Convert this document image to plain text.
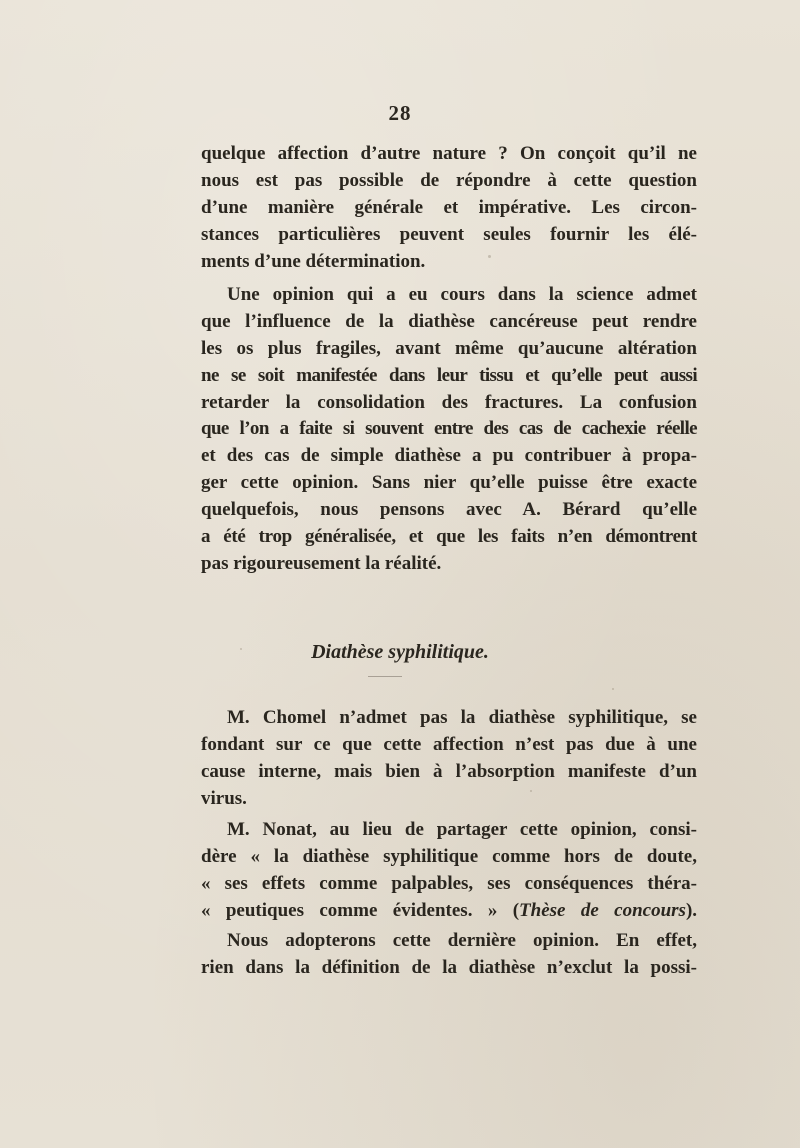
28
quelque affection d’autre nature ? On conçoit qu’il ne
nous est pas possible de répondre à cette question
d’une manière générale et impérative. Les circon-
stances particulières peuvent seules fournir les élé-
ments d’une détermination.
Une opinion qui a eu cours dans la science admet
que l’influence de la diathèse cancéreuse peut rendre
les os plus fragiles, avant même qu’aucune altération
ne se soit manifestée dans leur tissu et qu’elle peut aussi
retarder la consolidation des fractures. La confusion
que l’on a faite si souvent entre des cas de cachexie réelle
et des cas de simple diathèse a pu contribuer à propa-
ger cette opinion. Sans nier qu’elle puisse être exacte
quelquefois, nous pensons avec A. Bérard qu’elle
a été trop généralisée, et que les faits n’en démontrent
pas rigoureusement la réalité.
Diathèse syphilitique.
M. Chomel n’admet pas la diathèse syphilitique, se
fondant sur ce que cette affection n’est pas due à une
cause interne, mais bien à l’absorption manifeste d’un
virus.
M. Nonat, au lieu de partager cette opinion, consi-
dère « la diathèse syphilitique comme hors de doute,
« ses effets comme palpables, ses conséquences théra-
« peutiques comme évidentes. » (Thèse de concours).
Nous adopterons cette dernière opinion. En effet,
rien dans la définition de la diathèse n’exclut la possi-
